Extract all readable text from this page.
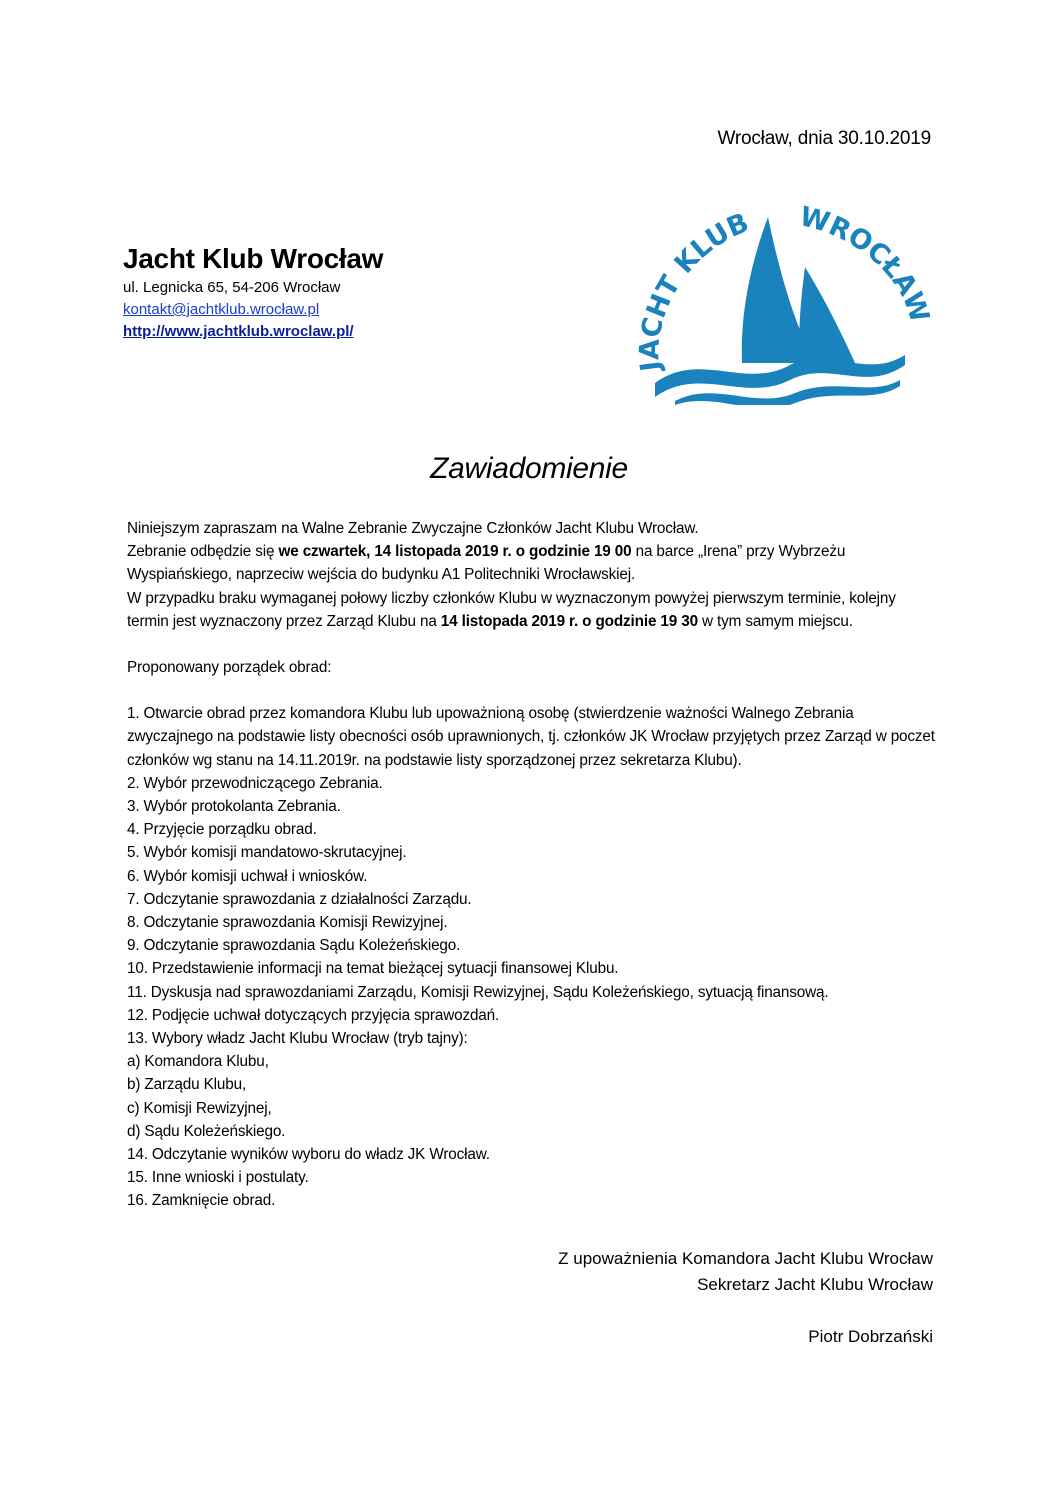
Wrocław, dnia 30.10.2019
Jacht Klub Wrocław
ul. Legnicka 65, 54-206 Wrocław
kontakt@jachtklub.wrocław.pl
http://www.jachtklub.wroclaw.pl/
JACHT KLUB WROCŁA
Zawiadomienie

Niniejszym zapraszam na Walne Zebranie Zwyczajne Członków Jacht Klubu Wrocław.

Zebranie odbędzie się we czwartek, 14 listopada 2019 r. o godzinie 19 00 na barce „Irena” przy Wybrzeżu Wyspiańskiego, naprzeciw wejścia do budynku A1 Politechniki Wrocławskiej.

W przypadku braku wymaganej połowy liczby członków Klubu w wyznaczonym powyżej pierwszym terminie, kolejny termin jest wyznaczony przez Zarząd Klubu na 14 listopada 2019 r. o godzinie 19 30 w tym samym miejscu.

Proponowany porządek obrad:

1. Otwarcie obrad przez komandora Klubu lub upoważnioną osobę (stwierdzenie ważności Walnego Zebrania zwyczajnego na podstawie listy obecności osób uprawnionych, tj. członków JK Wrocław przyjętych przez Zarząd w poczet członków wg stanu na 14.11.2019r. na podstawie listy sporządzonej przez sekretarza Klubu).

2. Wybór przewodniczącego Zebrania.

3. Wybór protokolanta Zebrania.

4. Przyjęcie porządku obrad.

5. Wybór komisji mandatowo-skrutacyjnej.

6. Wybór komisji uchwał i wniosków.

7. Odczytanie sprawozdania z działalności Zarządu.

8. Odczytanie sprawozdania Komisji Rewizyjnej.

9. Odczytanie sprawozdania Sądu Koleżeńskiego.

10. Przedstawienie informacji na temat bieżącej sytuacji finansowej Klubu.

11. Dyskusja nad sprawozdaniami Zarządu, Komisji Rewizyjnej, Sądu Koleżeńskiego, sytuacją finansową.

12. Podjęcie uchwał dotyczących przyjęcia sprawozdań.

13. Wybory władz Jacht Klubu Wrocław (tryb tajny):

a) Komandora Klubu,

b) Zarządu Klubu,

c) Komisji Rewizyjnej,

d) Sądu Koleżeńskiego.

14. Odczytanie wyników wyboru do władz JK Wrocław.

15. Inne wnioski i postulaty.

16. Zamknięcie obrad.

Z upoważnienia Komandora Jacht Klubu Wrocław
Sekretarz Jacht Klubu Wrocław
Piotr Dobrzański
